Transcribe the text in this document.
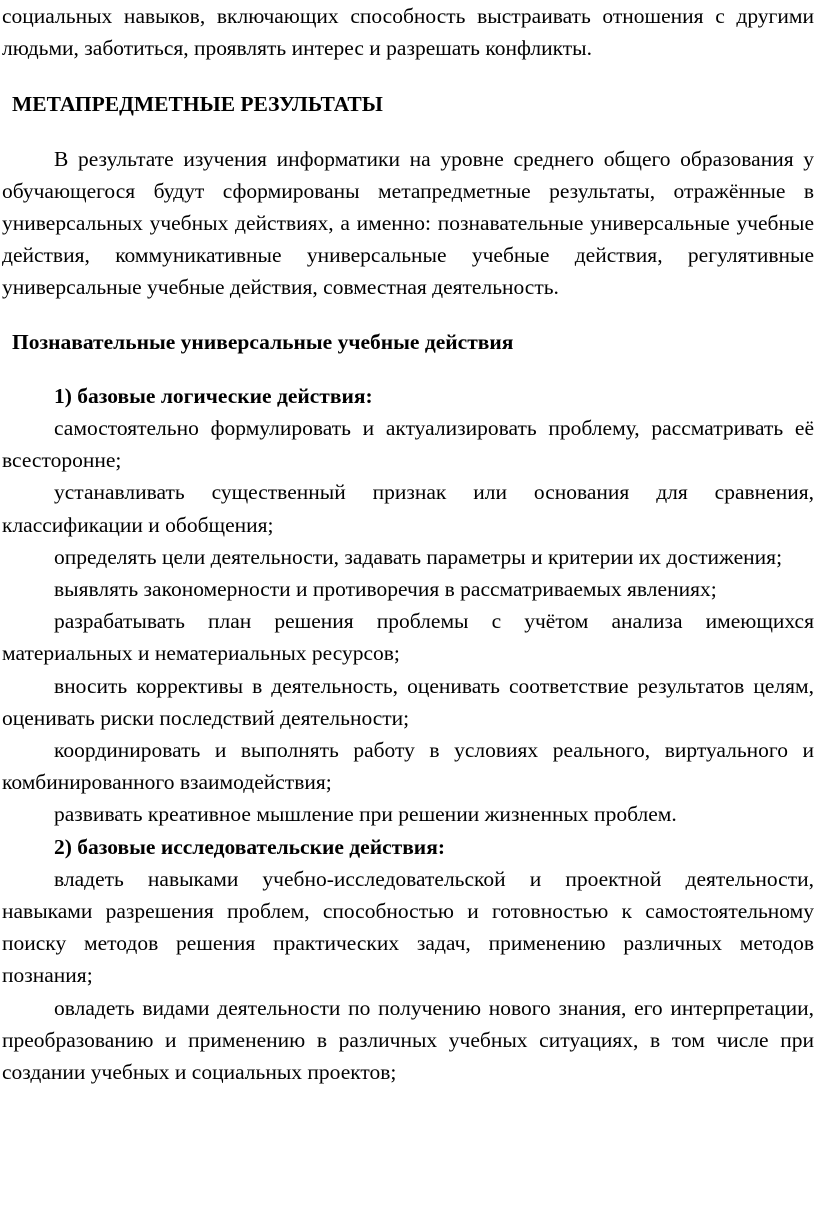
социальных навыков, включающих способность выстраивать отношения с другими людьми, заботиться, проявлять интерес и разрешать конфликты.

МЕТАПРЕДМЕТНЫЕ РЕЗУЛЬТАТЫ

В результате изучения информатики на уровне среднего общего образования у обучающегося будут сформированы метапредметные результаты, отражённые в универсальных учебных действиях, а именно: познавательные универсальные учебные действия, коммуникативные универсальные учебные действия, регулятивные универсальные учебные действия, совместная деятельность.

Познавательные универсальные учебные действия

1) базовые логические действия:

самостоятельно формулировать и актуализировать проблему, рассматривать её всесторонне;

устанавливать существенный признак или основания для сравнения, классификации и обобщения;

определять цели деятельности, задавать параметры и критерии их достижения;

выявлять закономерности и противоречия в рассматриваемых явлениях;

разрабатывать план решения проблемы с учётом анализа имеющихся материальных и нематериальных ресурсов;

вносить коррективы в деятельность, оценивать соответствие результатов целям, оценивать риски последствий деятельности;

координировать и выполнять работу в условиях реального, виртуального и комбинированного взаимодействия;

развивать креативное мышление при решении жизненных проблем.

2) базовые исследовательские действия:

владеть навыками учебно-исследовательской и проектной деятельности, навыками разрешения проблем, способностью и готовностью к самостоятельному поиску методов решения практических задач, применению различных методов познания;

овладеть видами деятельности по получению нового знания, его интерпретации, преобразованию и применению в различных учебных ситуациях, в том числе при создании учебных и социальных проектов;
